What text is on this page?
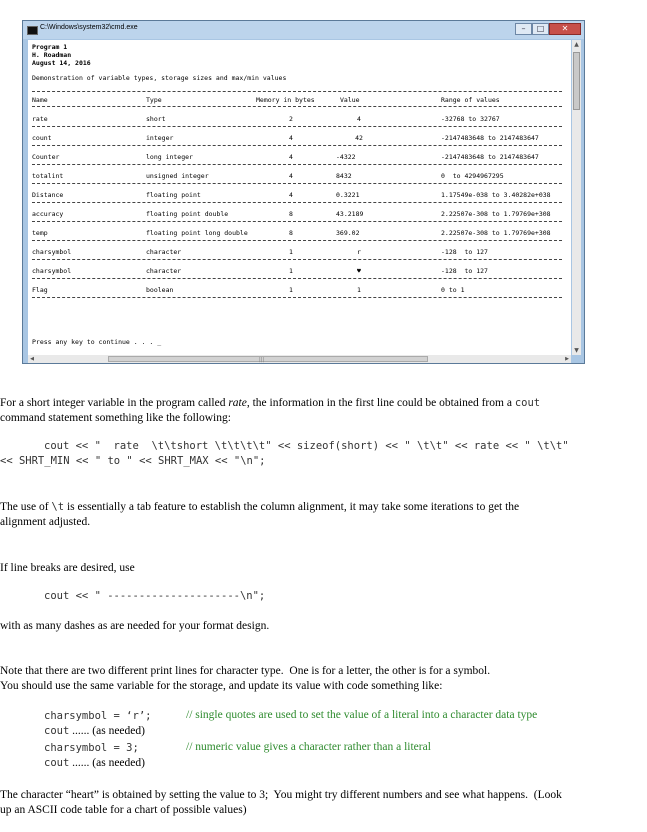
C:\Windows\system32\cmd.exe	–	□	✕
Program 1
H. Roadman
August 14, 2016
Demonstration of variable types, storage sizes and max/min values
Name	Type	Memory in bytes	Value	Range of values
rate	short	2	4	-32768 to 32767
count	integer	4	42	-2147483648 to 2147483647
Counter	long integer	4	-4322	-2147483648 to 2147483647
totalint	unsigned integer	4	8432	0  to 4294967295
Distance	floating point	4	0.3221	1.17549e-038 to 3.40282e+038
accuracy	floating point double	8	43.2189	2.22507e-308 to 1.79769e+308
temp	floating point long double	8	369.02	2.22507e-308 to 1.79769e+308
charsymbol	character	1	r	-128  to 127
charsymbol	character	1	♥	-128  to 127
Flag	boolean	1	1	0 to 1
Press any key to continue . . . _
▲
▼
◀	|||	▶
For a short integer variable in the program called rate, the information in the first line could be obtained from a cout
command statement something like the following:
cout << "  rate  \t\tshort \t\t\t\t" << sizeof(short) << " \t\t" << rate << " \t\t"
<< SHRT_MIN << " to " << SHRT_MAX << "\n";
The use of \t is essentially a tab feature to establish the column alignment, it may take some iterations to get the
alignment adjusted.
If line breaks are desired, use
cout << " ---------------------\n";
with as many dashes as are needed for your format design.
Note that there are two different print lines for character type.  One is for a letter, the other is for a symbol.
You should use the same variable for the storage, and update its value with code something like:
charsymbol = ‘r’;	// single quotes are used to set the value of a literal into a character data type
cout ...... (as needed)
charsymbol = 3;	// numeric value gives a character rather than a literal
cout ...... (as needed)
The character “heart” is obtained by setting the value to 3;  You might try different numbers and see what happens.  (Look
up an ASCII code table for a chart of possible values)
